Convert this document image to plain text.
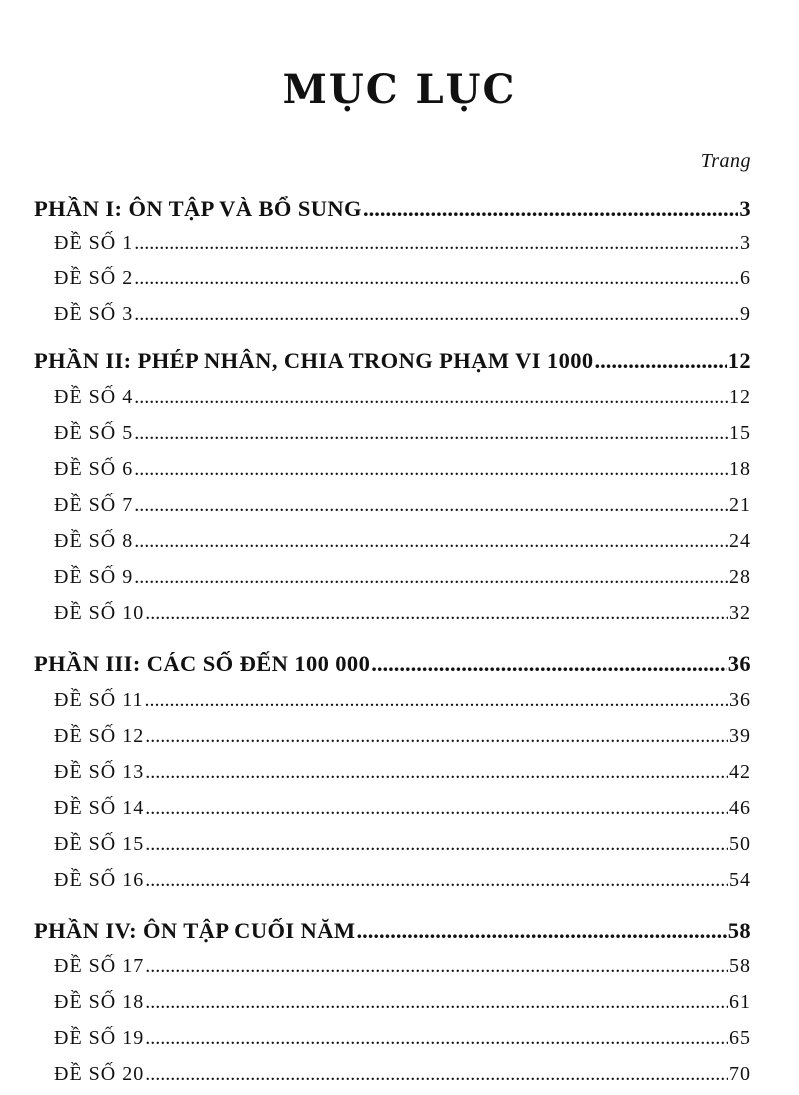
MỤC LỤC
Trang
PHẦN I: ÔN TẬP VÀ BỔ SUNG .....	3
ĐỀ SỐ 1 .....	3
ĐỀ SỐ 2 .....	6
ĐỀ SỐ 3 .....	9
PHẦN II: PHÉP NHÂN, CHIA TRONG PHẠM VI 1000 .....	12
ĐỀ SỐ 4 .....	12
ĐỀ SỐ 5 .....	15
ĐỀ SỐ 6 .....	18
ĐỀ SỐ 7 .....	21
ĐỀ SỐ 8 .....	24
ĐỀ SỐ 9 .....	28
ĐỀ SỐ 10 .....	32
PHẦN III: CÁC SỐ ĐẾN 100 000 .....	36
ĐỀ SỐ 11 .....	36
ĐỀ SỐ 12 .....	39
ĐỀ SỐ 13 .....	42
ĐỀ SỐ 14 .....	46
ĐỀ SỐ 15 .....	50
ĐỀ SỐ 16 .....	54
PHẦN IV: ÔN TẬP CUỐI NĂM .....	58
ĐỀ SỐ 17 .....	58
ĐỀ SỐ 18 .....	61
ĐỀ SỐ 19 .....	65
ĐỀ SỐ 20 .....	70
